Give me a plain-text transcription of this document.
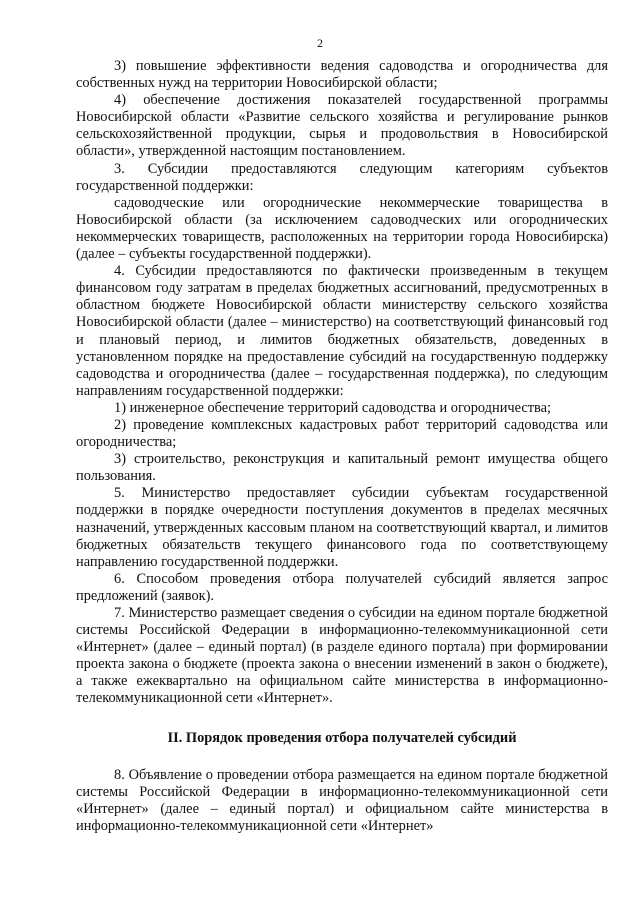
2

3) повышение эффективности ведения садоводства и огородничества для собственных нужд на территории Новосибирской области;

4) обеспечение достижения показателей государственной программы Новосибирской области «Развитие сельского хозяйства и регулирование рынков сельскохозяйственной продукции, сырья и продовольствия в Новосибирской области», утвержденной настоящим постановлением.

3. Субсидии предоставляются следующим категориям субъектов государственной поддержки:

садоводческие или огороднические некоммерческие товарищества в Новосибирской области (за исключением садоводческих или огороднических некоммерческих товариществ, расположенных на территории города Новосибирска) (далее – субъекты государственной поддержки).

4. Субсидии предоставляются по фактически произведенным в текущем финансовом году затратам в пределах бюджетных ассигнований, предусмотренных в областном бюджете Новосибирской области министерству сельского хозяйства Новосибирской области (далее – министерство) на соответствующий финансовый год и плановый период, и лимитов бюджетных обязательств, доведенных в установленном порядке на предоставление субсидий на государственную поддержку садоводства и огородничества (далее – государственная поддержка), по следующим направлениям государственной поддержки:

1) инженерное обеспечение территорий садоводства и огородничества;

2) проведение комплексных кадастровых работ территорий садоводства или огородничества;

3) строительство, реконструкция и капитальный ремонт имущества общего пользования.

5. Министерство предоставляет субсидии субъектам государственной поддержки в порядке очередности поступления документов в пределах месячных назначений, утвержденных кассовым планом на соответствующий квартал, и лимитов бюджетных обязательств текущего финансового года по соответствующему направлению государственной поддержки.

6. Способом проведения отбора получателей субсидий является запрос предложений (заявок).

7. Министерство размещает сведения о субсидии на едином портале бюджетной системы Российской Федерации в информационно-телекоммуникационной сети «Интернет» (далее – единый портал) (в разделе единого портала) при формировании проекта закона о бюджете (проекта закона о внесении изменений в закон о бюджете), а также ежеквартально на официальном сайте министерства в информационно-телекоммуникационной сети «Интернет».

II. Порядок проведения отбора получателей субсидий

8. Объявление о проведении отбора размещается на едином портале бюджетной системы Российской Федерации в информационно-телекоммуникационной сети «Интернет» (далее – единый портал) и официальном сайте министерства в информационно-телекоммуникационной сети «Интернет»
